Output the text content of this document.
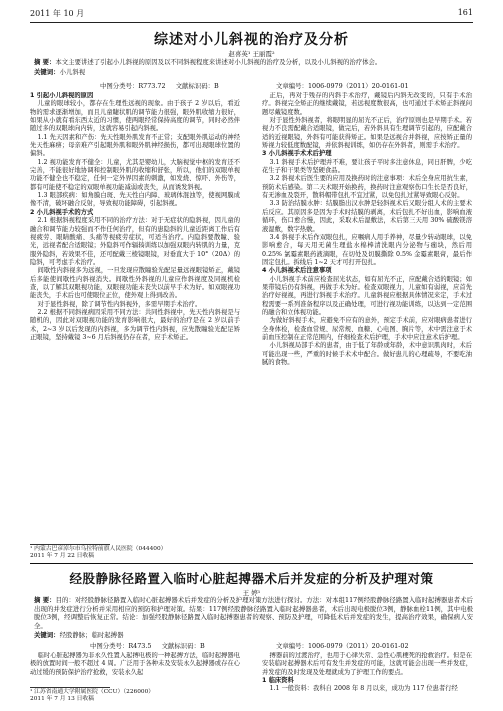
2011 年 10 月	161
综述对小儿斜视的治疗及分析
赵喜英¹ 王丽霞²
摘 要：本文主要讲述了引起小儿斜视的原因及以不同斜视程度来讲述对小儿斜视的治疗及分析，以及小儿斜视的治疗体会。
关键词：小儿斜视
中图分类号：R773.72 文献标识码：B	文章编号：1006-0979（2011）20-0161-01

1 引起小儿斜视的原因

儿童的眼球较小，都存在生理性远视的现象。由于孩子 2 岁以后，看近物的需求逐渐增加，而且儿童睫状肌的调节能力很强，眼外肌收缩力很好，如果从小就有看东西太近的习惯，使两眼经常保持高度的调节，同时必然伴随过多的双眼球向内转，这就容易引起内斜视。

1.1 先天因素和产伤：先天性眼外肌发育不正常；支配眼外肌运动的神经先天性麻痹；母亲难产引起眼外肌和眼外肌神经损伤，都可出现眼球位置的偏斜。

1.2 视功能发育不健全：儿童，尤其是婴幼儿，大脑视觉中枢的发育还不完善，不能很好地协调和控制眼外肌的收缩和舒张，所以，他们的双眼单视功能不健全也不稳定，任何一定外界因素的刺激，如发烧、惊吓、外伤等，都有可能使不稳定的双眼单视功能减弱或丧失，从而诱发斜视。

1.3 眼部疾病：如角膜白斑、先天性白内障、玻璃体混浊等，使视网膜成像不清，破坏融合反射，导致视功能障碍，引起斜视。

2 小儿斜视手术的方式

2.1 根据斜视程度采用不同的治疗方法：对于无症状的隐斜视，因儿童的融合和调节能力较强而不作任何治疗，但有的患隐斜的儿童近距离工作后有视疲劳、眼睛酸痛、头痛等视疲劳症状，可适当治疗。内隐斜要散瞳、验光，远视者配合适眼镜；外隐斜可作辐辏训练以加强双眼内转肌的力量，克服外隐斜，若效果不佳，还可配戴三棱镜眼镜，对垂直大于 10°（20Δ）的隐斜，可考虑手术治疗。

间歇性内斜视多为远视，一旦发现应散瞳验光配足量远视眼镜矫正，戴镜后多能使间歇性内斜视消失。间歇性外斜视的儿童应作斜视度及同视机检查，以了解其双眼视功能，双眼视功能未丧失以前早手术为好。如双眼视功能丧失，手术后也可使眼位正位，使外观上得到改善。

对于显性斜视，除了调节性内斜视外，多需早期手术治疗。

2.2 根据不同斜视病因采用不同方法：共同性斜视中，先天性内斜视是与随机的，因此对双眼视功能的发育影响很大，最好的治疗是在 2 岁以前手术，2~3 岁以后发现的内斜视，多为调节性内斜视，应先散瞳验光配足矫正眼镜，坚持戴镜 3~6 月后斜视仍存在者，应手术矫正。

正后，再对于残存的内斜手术治疗，戴镜后内斜无改变的，只有手术治疗。斜视完全矫正的继续戴镜，若远视度数很高，也可通过手术矫正斜视问题尽戴镜度数。

对于显性外斜视者，将眼明显的屈光不正后，治疗原则也是早期手术。若视力不良需配戴合适眼镜，做完后，若外斜具有生理调节引起的，应配戴合适的近视眼镜，外斜有可能获得矫正。如果是远视合并斜视，应按矫正量的矫视力较低度数配镜，并依斜视训练，如仍存在外斜者，则需手术治疗。

3 小儿斜视手术术后护理

3.1 斜视手术后护理并不难，要让孩子平时多注意休息，同日肝脾，少吃花生子和干果类等坚硬食品。

3.2 斜视术后医生要的应用及换药时的注意事项：术后全身应用抗生素，预防术后感染。第二天术眼开始换药，换药时注意观察伤口生长是否良好，有无渗血及裂开，散料帽带包扎不宜过紧，以免包扎过紧导致眼心反射。

3.3 防治结膜水肿：结膜脂出汉水肿是轻斜视术后又眼分组人术的主要术后反应。其原因多是因为手术时结膜的剥离，术后包扎不好出血，影响血液循环，伤口愈合慢，因此，采取术后湿敷法，术后第三天用 30% 硫酸镁溶液湿敷，数字热敷。

3.4 斜视手术后作双眼包扎，应嘱病人用手养神，尽量少转动眼球，以免影响愈合，每天用无菌生理盐水棉棒清洗眼内分泌物与痂块，然后用 0.25% 氯霉素眼药液滴眼，在切处及切膜撕除 0.5% 金霉素眼膏，最后作固定包扎。拆线后 1~2 天才可打开包扎。

4 小儿斜视术后注意事项

小儿斜视手术前应检查屈光状态，如有屈光不正，应配戴合适的眼镜；如果带镜后仍有斜视，再做手术为好。检查双眼视力，儿童如有弱视，应首先治疗好视视，再进行斜视手术治疗。儿童斜视应根据具体情况来定，手术过程需要一系列准备程序以及正确处理，可进行视功能训练，以达到一定范围的融合和立体视功能。

为做好斜视手术，应避免不应有的意外，预定手术前，应对眼病患者进行全身体检，检查血常规、尿常规、血糖、心电图、胸片等，术中需注意于术前血压控制在正常范围内，仔细检查术后护理，手术中应注意术后护理。

小儿斜视局部手术的患者，由于低了年龄或年龄，术中意识肌肉时，术后可能出现一些，严重的时候手术术中配合。做好患儿的心理疏导，不要吃油腻的食物。

¹ 内蒙古巴彦淖尔市乌拉特前旗人民医院（044400）
2011 年 7 月 22 日收稿
经股静脉径路置入临时心脏起搏器术后并发症的分析及护理对策
王 婷¹
摘 要：目的：对经股静脉径路置入临时心脏起搏器术后并发症的分析及护理对策方法进行探讨。方法：对本组117例经股静脉径路置入临时起搏器患者术后出现的并发症进行分析并采用相应的预防和护理对策。结果：117例经股静脉径路置入临时起搏器患者，术后出现电极脱位3例，静脉血栓11例，其中电极脱位3例，经调整后恢复正常。结论：加强经股静脉径路置入临时起搏器患者的观察、预防及护理，可降低术后并发症的发生，提高治疗效果，确保病人安全。
关键词：经股静脉；临时起搏器
中图分类号：R473.5 文献标识码：B	文章编号：1006-0979（2011）20-0161-02

临时心脏起搏器为非永久性置入起搏电极的一种起搏方法，临时起搏器电极的放置时间一般不超过 4 周。广泛用于各种未及安装永久起搏器或存在心动过缓的预防保护治疗抢救，安装永久起

搏器前的过渡治疗，也用于心律失常、急性心肌梗死的抢救治疗。但是在安装临时起搏器术后可有发生并发症的可能，这就可能会出现一些并发症，并发症的及时发现及处理就成为了护理工作的要点。

1 临床资料

1.1 一般资料：我科自 2008 年 8 月以来，成功为 117 位患者行经

¹ 江苏省南通大学附属医院（CCU）（226000）
2011 年 7 月 13 日收稿
